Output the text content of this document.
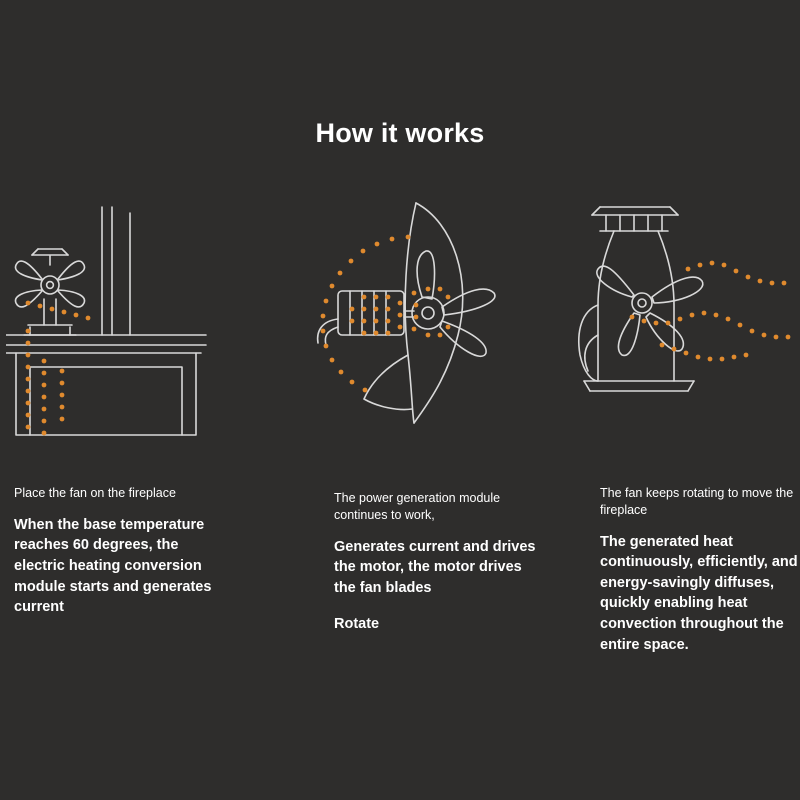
How it works
Place the fan on the fireplace
When the base temperature reaches 60 degrees, the electric heating conversion module starts and generates current
The power generation module continues to work,
Generates current and drives the motor, the motor drives the fan blades
Rotate
The fan keeps rotating to move the fireplace
The generated heat continuously, efficiently, and energy-savingly diffuses, quickly enabling heat convection throughout the entire space.
